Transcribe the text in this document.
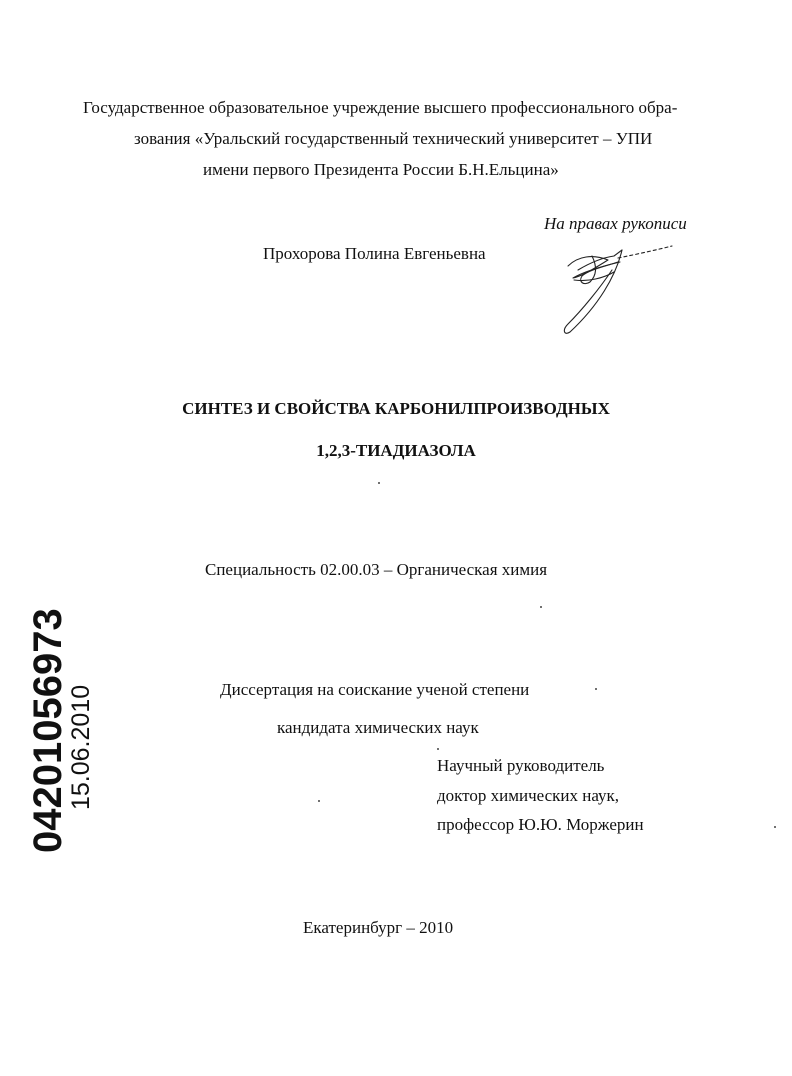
Государственное образовательное учреждение высшего профессионального обра-
зования «Уральский государственный технический университет – УПИ
имени первого Президента России Б.Н.Ельцина»
На правах рукописи
Прохорова Полина Евгеньевна
СИНТЕЗ И СВОЙСТВА КАРБОНИЛПРОИЗВОДНЫХ
1,2,3-ТИАДИАЗОЛА
Специальность 02.00.03 – Органическая химия
Диссертация на соискание ученой степени
кандидата химических наук
Научный руководитель
доктор химических наук,
профессор Ю.Ю. Моржерин
Екатеринбург – 2010
04201056973
15.06.2010
